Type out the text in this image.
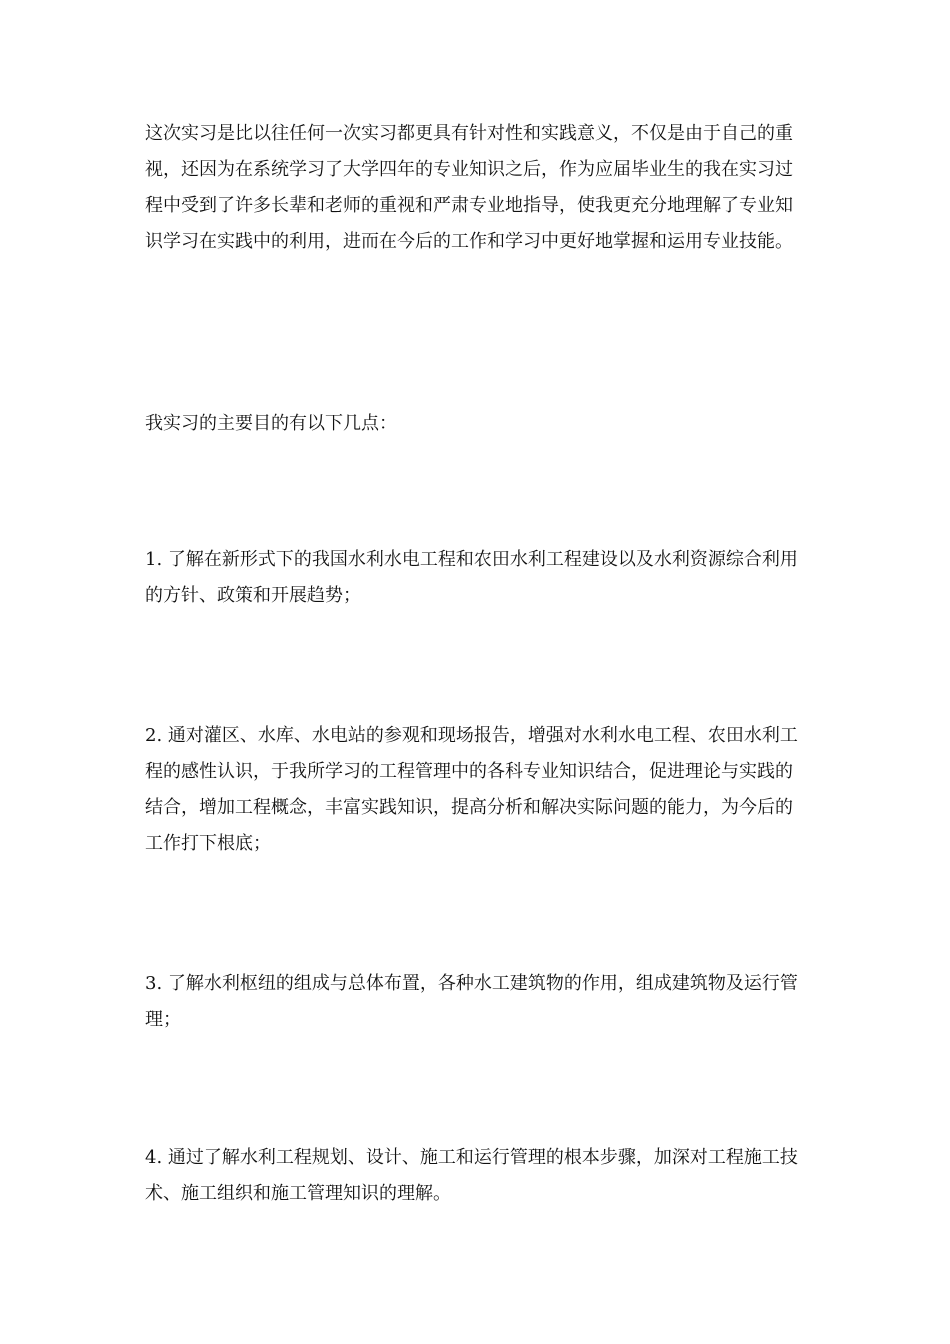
这次实习是比以往任何一次实习都更具有针对性和实践意义，不仅是由于自己的重视，还因为在系统学习了大学四年的专业知识之后，作为应届毕业生的我在实习过程中受到了许多长辈和老师的重视和严肃专业地指导，使我更充分地理解了专业知识学习在实践中的利用，进而在今后的工作和学习中更好地掌握和运用专业技能。

我实习的主要目的有以下几点：

1. 了解在新形式下的我国水利水电工程和农田水利工程建设以及水利资源综合利用的方针、政策和开展趋势；

2. 通对灌区、水库、水电站的参观和现场报告，增强对水利水电工程、农田水利工程的感性认识，于我所学习的工程管理中的各科专业知识结合，促进理论与实践的结合，增加工程概念，丰富实践知识，提高分析和解决实际问题的能力，为今后的工作打下根底；

3. 了解水利枢纽的组成与总体布置，各种水工建筑物的作用，组成建筑物及运行管理；

4. 通过了解水利工程规划、设计、施工和运行管理的根本步骤，加深对工程施工技术、施工组织和施工管理知识的理解。
